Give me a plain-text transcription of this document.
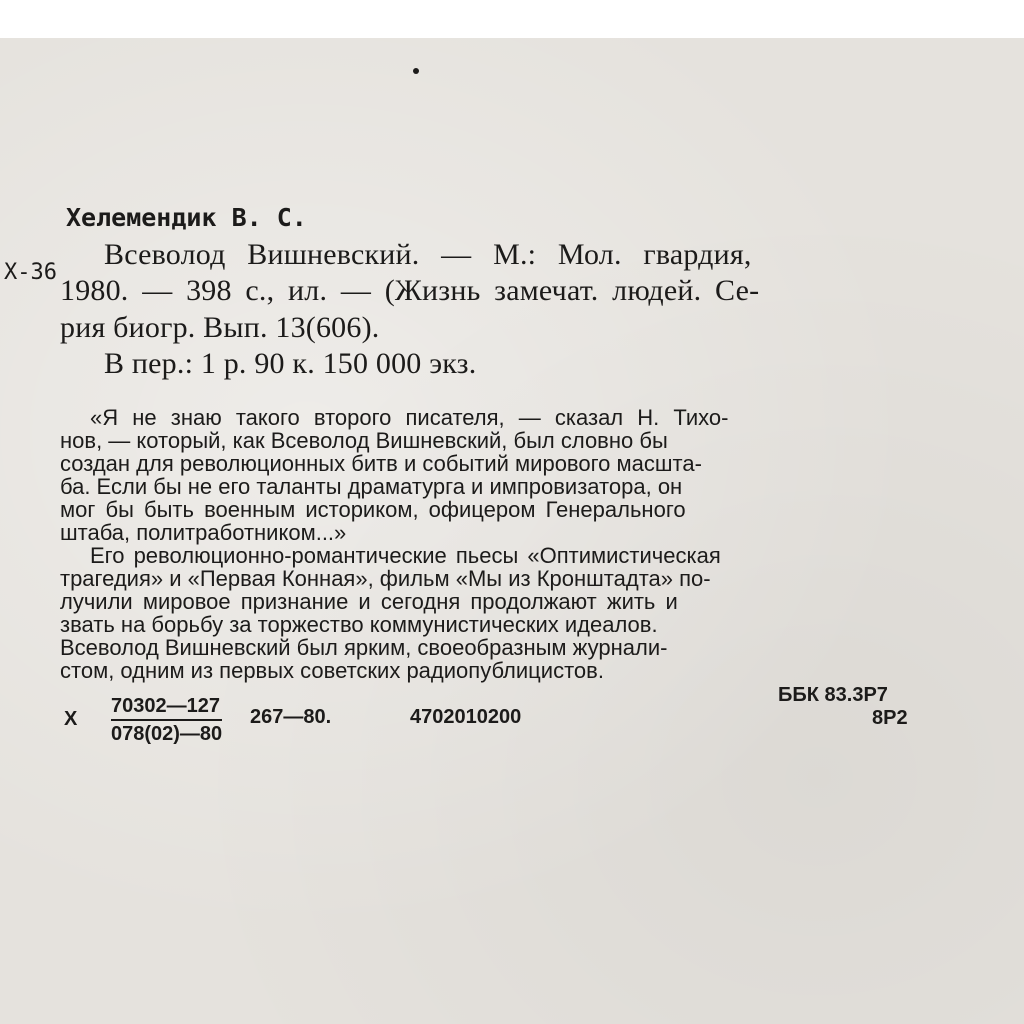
Хелемендик В. С.
Х-36
Всеволод Вишневский. — М.: Мол. гвардия,
1980. — 398 с., ил. — (Жизнь замечат. людей. Се-
рия биогр. Вып. 13(606).
В пер.: 1 р. 90 к. 150 000 экз.
«Я не знаю такого второго писателя, — сказал Н. Тихо-
нов, — который, как Всеволод Вишневский, был словно бы
создан для революционных битв и событий мирового масшта-
ба. Если бы не его таланты драматурга и импровизатора, он
мог бы быть военным историком, офицером Генерального
штаба, политработником...»
Его революционно-романтические пьесы «Оптимистическая
трагедия» и «Первая Конная», фильм «Мы из Кронштадта» по-
лучили мировое признание и сегодня продолжают жить и
звать на борьбу за торжество коммунистических идеалов.
Всеволод Вишневский был ярким, своеобразным журнали-
стом, одним из первых советских радиопублицистов.
Х $\frac{70302—127}{078(02)—80}$ 267—80.	4702010200
ББК 83.3Р7
8Р2
